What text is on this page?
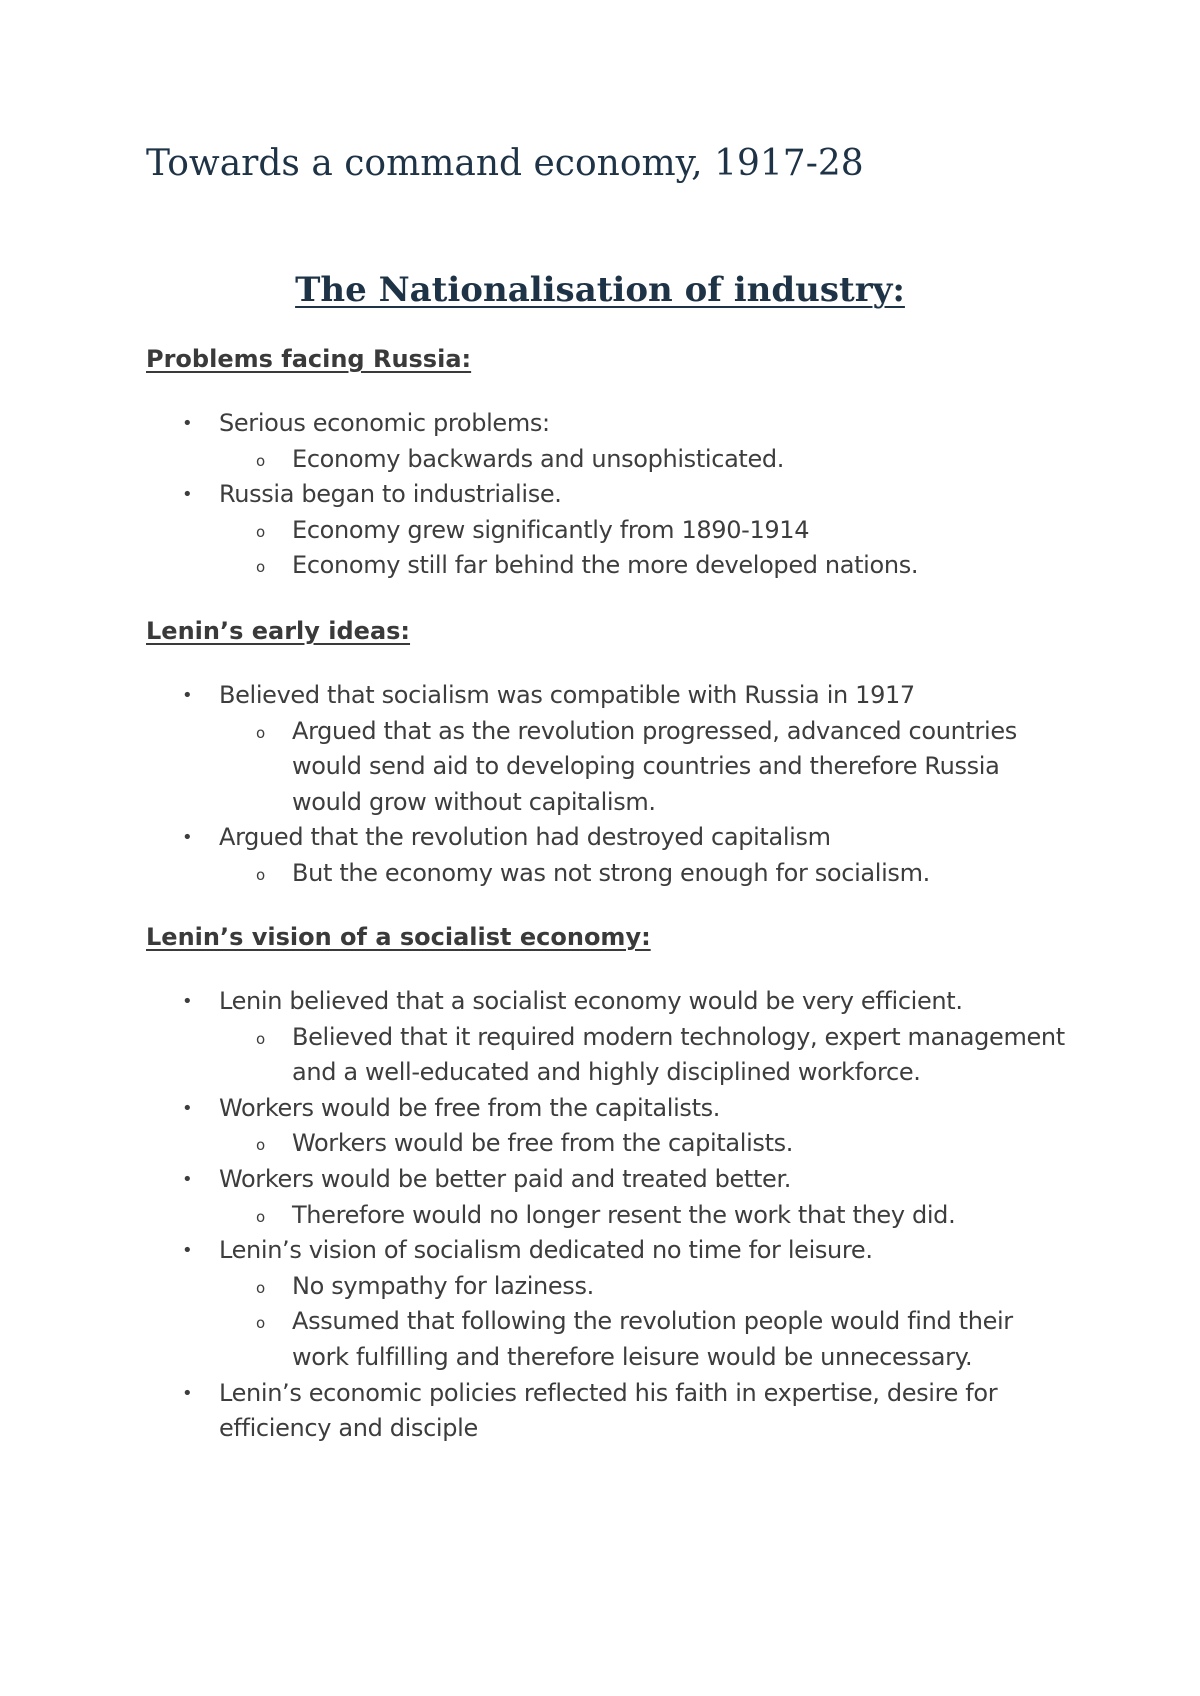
Towards a command economy, 1917-28
The Nationalisation of industry:
Problems facing Russia:
• Serious economic problems:
o Economy backwards and unsophisticated.
• Russia began to industrialise.
o Economy grew significantly from 1890-1914
o Economy still far behind the more developed nations.
Lenin’s early ideas:
• Believed that socialism was compatible with Russia in 1917
o Argued that as the revolution progressed, advanced countries would send aid to developing countries and therefore Russia would grow without capitalism.
• Argued that the revolution had destroyed capitalism
o But the economy was not strong enough for socialism.
Lenin’s vision of a socialist economy:
• Lenin believed that a socialist economy would be very efficient.
o Believed that it required modern technology, expert management and a well-educated and highly disciplined workforce.
• Workers would be free from the capitalists.
o Workers would be free from the capitalists.
• Workers would be better paid and treated better.
o Therefore would no longer resent the work that they did.
• Lenin’s vision of socialism dedicated no time for leisure.
o No sympathy for laziness.
o Assumed that following the revolution people would find their work fulfilling and therefore leisure would be unnecessary.
• Lenin’s economic policies reflected his faith in expertise, desire for efficiency and disciple
